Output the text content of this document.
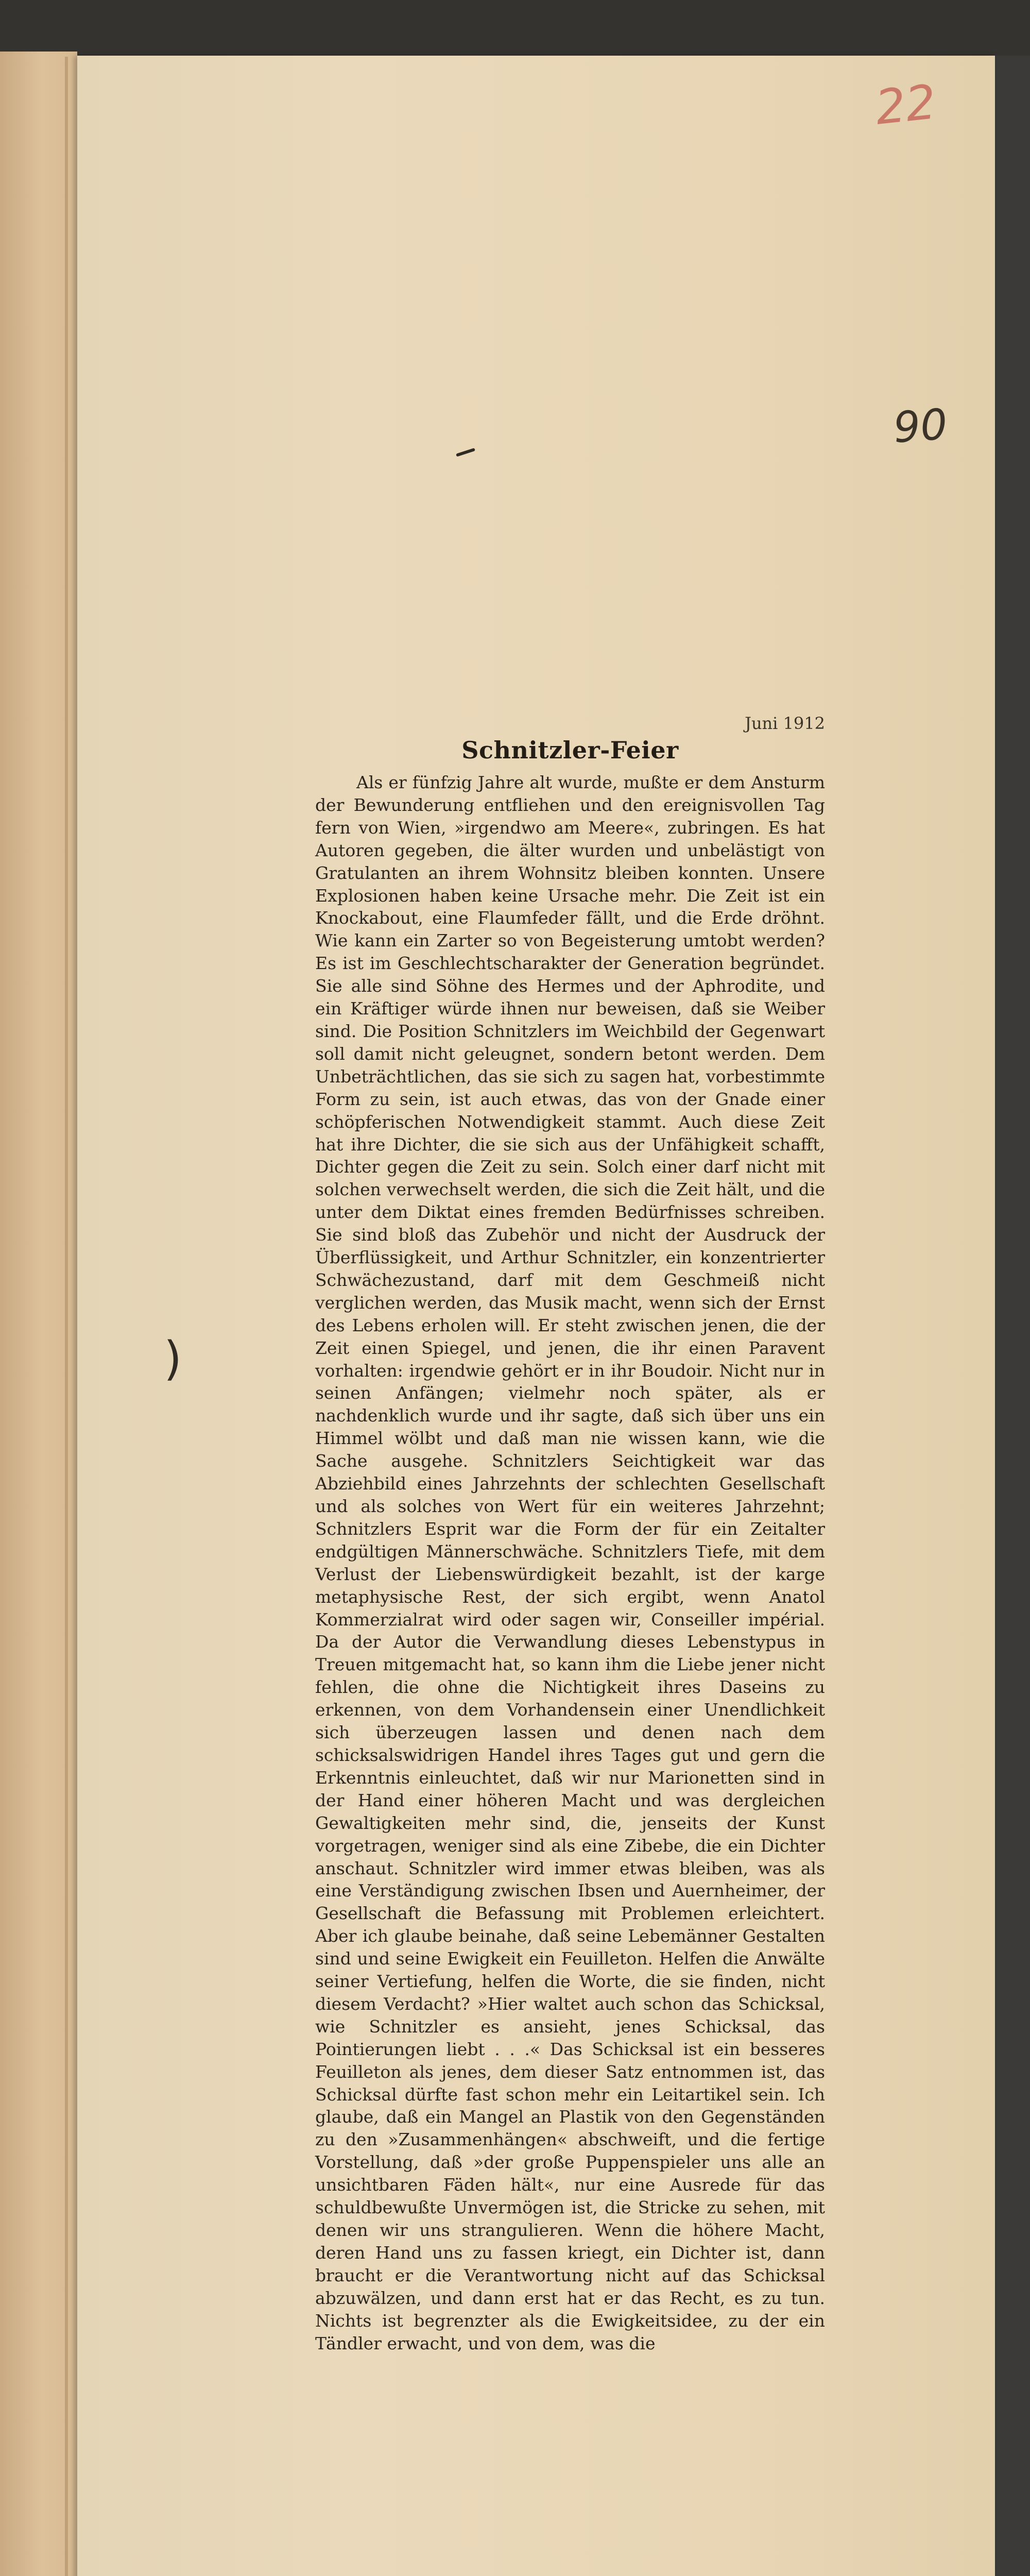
22
90
)

Juni 1912

Schnitzler-Feier

Als er fünfzig Jahre alt wurde, mußte er dem Ansturm der Bewunderung entfliehen und den ereignisvollen Tag fern von Wien, »irgendwo am Meere«, zubringen. Es hat Autoren gegeben, die älter wurden und unbelästigt von Gratulanten an ihrem Wohnsitz bleiben konnten. Unsere Explosionen haben keine Ursache mehr. Die Zeit ist ein Knockabout, eine Flaumfeder fällt, und die Erde dröhnt. Wie kann ein Zarter so von Begeisterung umtobt werden? Es ist im Geschlechtscharakter der Generation begründet. Sie alle sind Söhne des Hermes und der Aphrodite, und ein Kräftiger würde ihnen nur beweisen, daß sie Weiber sind. Die Position Schnitzlers im Weichbild der Gegenwart soll damit nicht geleugnet, sondern betont werden. Dem Unbeträchtlichen, das sie sich zu sagen hat, vorbestimmte Form zu sein, ist auch etwas, das von der Gnade einer schöpferischen Notwendigkeit stammt. Auch diese Zeit hat ihre Dichter, die sie sich aus der Unfähigkeit schafft, Dichter gegen die Zeit zu sein. Solch einer darf nicht mit solchen verwechselt werden, die sich die Zeit hält, und die unter dem Diktat eines fremden Bedürfnisses schreiben. Sie sind bloß das Zubehör und nicht der Ausdruck der Überflüssigkeit, und Arthur Schnitzler, ein konzentrierter Schwächezustand, darf mit dem Geschmeiß nicht verglichen werden, das Musik macht, wenn sich der Ernst des Lebens erholen will. Er steht zwischen jenen, die der Zeit einen Spiegel, und jenen, die ihr einen Paravent vorhalten: irgendwie gehört er in ihr Boudoir. Nicht nur in seinen Anfängen; vielmehr noch später, als er nachdenklich wurde und ihr sagte, daß sich über uns ein Himmel wölbt und daß man nie wissen kann, wie die Sache ausgehe. Schnitzlers Seichtigkeit war das Abziehbild eines Jahrzehnts der schlechten Gesellschaft und als solches von Wert für ein weiteres Jahrzehnt; Schnitzlers Esprit war die Form der für ein Zeitalter endgültigen Männerschwäche. Schnitzlers Tiefe, mit dem Verlust der Liebenswürdigkeit bezahlt, ist der karge metaphysische Rest, der sich ergibt, wenn Anatol Kommerzialrat wird oder sagen wir, Conseiller impérial. Da der Autor die Verwandlung dieses Lebenstypus in Treuen mitgemacht hat, so kann ihm die Liebe jener nicht fehlen, die ohne die Nichtigkeit ihres Daseins zu erkennen, von dem Vorhandensein einer Unendlichkeit sich überzeugen lassen und denen nach dem schicksalswidrigen Handel ihres Tages gut und gern die Erkenntnis einleuchtet, daß wir nur Marionetten sind in der Hand einer höheren Macht und was dergleichen Gewaltigkeiten mehr sind, die, jenseits der Kunst vorgetragen, weniger sind als eine Zibebe, die ein Dichter anschaut. Schnitzler wird immer etwas bleiben, was als eine Verständigung zwischen Ibsen und Auernheimer, der Gesellschaft die Befassung mit Problemen erleichtert. Aber ich glaube beinahe, daß seine Lebemänner Gestalten sind und seine Ewigkeit ein Feuilleton. Helfen die Anwälte seiner Vertiefung, helfen die Worte, die sie finden, nicht diesem Verdacht? »Hier waltet auch schon das Schicksal, wie Schnitzler es ansieht, jenes Schicksal, das Pointierungen liebt . . .« Das Schicksal ist ein besseres Feuilleton als jenes, dem dieser Satz entnommen ist, das Schicksal dürfte fast schon mehr ein Leitartikel sein. Ich glaube, daß ein Mangel an Plastik von den Gegenständen zu den »Zusammenhängen« abschweift, und die fertige Vorstellung, daß »der große Puppenspieler uns alle an unsichtbaren Fäden hält«, nur eine Ausrede für das schuldbewußte Unvermögen ist, die Stricke zu sehen, mit denen wir uns strangulieren. Wenn die höhere Macht, deren Hand uns zu fassen kriegt, ein Dichter ist, dann braucht er die Verantwortung nicht auf das Schicksal abzuwälzen, und dann erst hat er das Recht, es zu tun. Nichts ist begrenzter als die Ewigkeitsidee, zu der ein Tändler erwacht, und von dem, was die
